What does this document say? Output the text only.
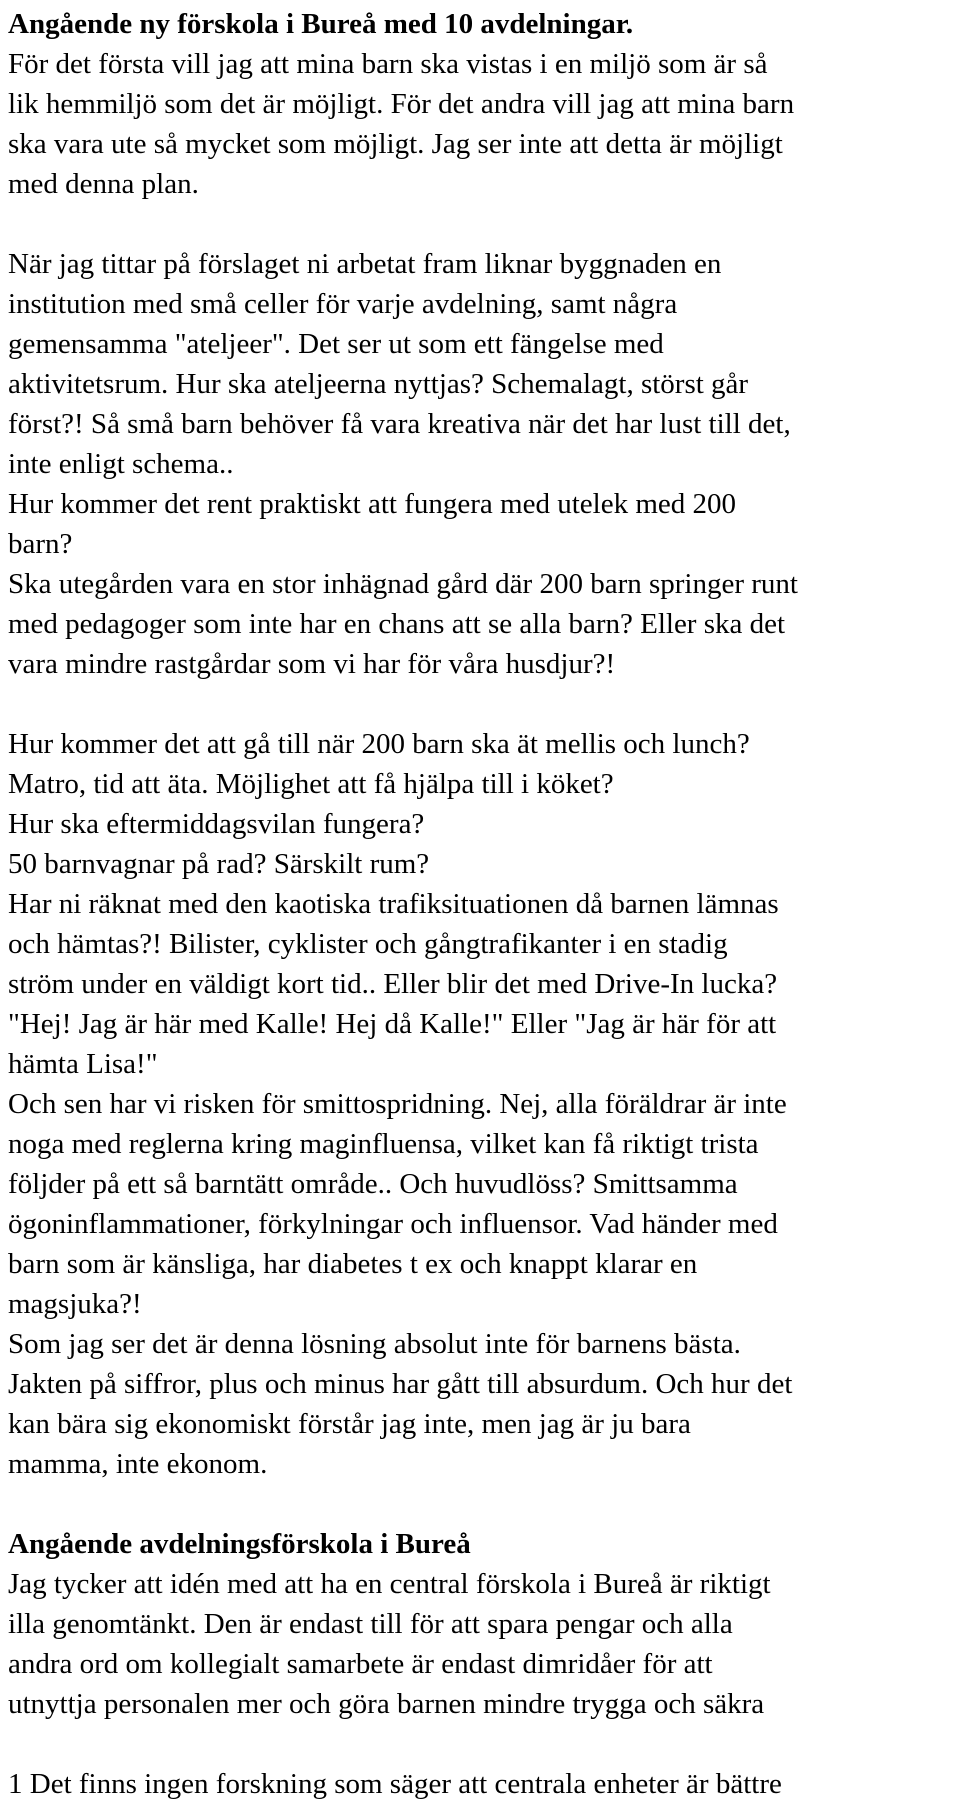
Angående ny förskola i Bureå med 10 avdelningar.
För det första vill jag att mina barn ska vistas i en miljö som är så
lik hemmiljö som det är möjligt. För det andra vill jag att mina barn
ska vara ute så mycket som möjligt. Jag ser inte att detta är möjligt
med denna plan.
När jag tittar på förslaget ni arbetat fram liknar byggnaden en
institution med små celler för varje avdelning, samt några
gemensamma "ateljeer". Det ser ut som ett fängelse med
aktivitetsrum. Hur ska ateljeerna nyttjas? Schemalagt, störst går
först?! Så små barn behöver få vara kreativa när det har lust till det,
inte enligt schema..
Hur kommer det rent praktiskt att fungera med utelek med 200
barn?
Ska utegården vara en stor inhägnad gård där 200 barn springer runt
med pedagoger som inte har en chans att se alla barn? Eller ska det
vara mindre rastgårdar som vi har för våra husdjur?!
Hur kommer det att gå till när 200 barn ska ät mellis och lunch?
Matro, tid att äta. Möjlighet att få hjälpa till i köket?
Hur ska eftermiddagsvilan fungera?
50 barnvagnar på rad? Särskilt rum?
Har ni räknat med den kaotiska trafiksituationen då barnen lämnas
och hämtas?! Bilister, cyklister och gångtrafikanter i en stadig
ström under en väldigt kort tid.. Eller blir det med Drive-In lucka?
"Hej! Jag är här med Kalle! Hej då Kalle!" Eller "Jag är här för att
hämta Lisa!"
Och sen har vi risken för smittospridning. Nej, alla föräldrar är inte
noga med reglerna kring maginfluensa, vilket kan få riktigt trista
följder på ett så barntätt område.. Och huvudlöss? Smittsamma
ögoninflammationer, förkylningar och influensor. Vad händer med
barn som är känsliga, har diabetes t ex och knappt klarar en
magsjuka?!
Som jag ser det är denna lösning absolut inte för barnens bästa.
Jakten på siffror, plus och minus har gått till absurdum. Och hur det
kan bära sig ekonomiskt förstår jag inte, men jag är ju bara
mamma, inte ekonom.
Angående avdelningsförskola i Bureå
Jag tycker att idén med att ha en central förskola i Bureå är riktigt
illa genomtänkt. Den är endast till för att spara pengar och alla
andra ord om kollegialt samarbete är endast dimridåer för att
utnyttja personalen mer och göra barnen mindre trygga och säkra
1 Det finns ingen forskning som säger att centrala enheter är bättre
